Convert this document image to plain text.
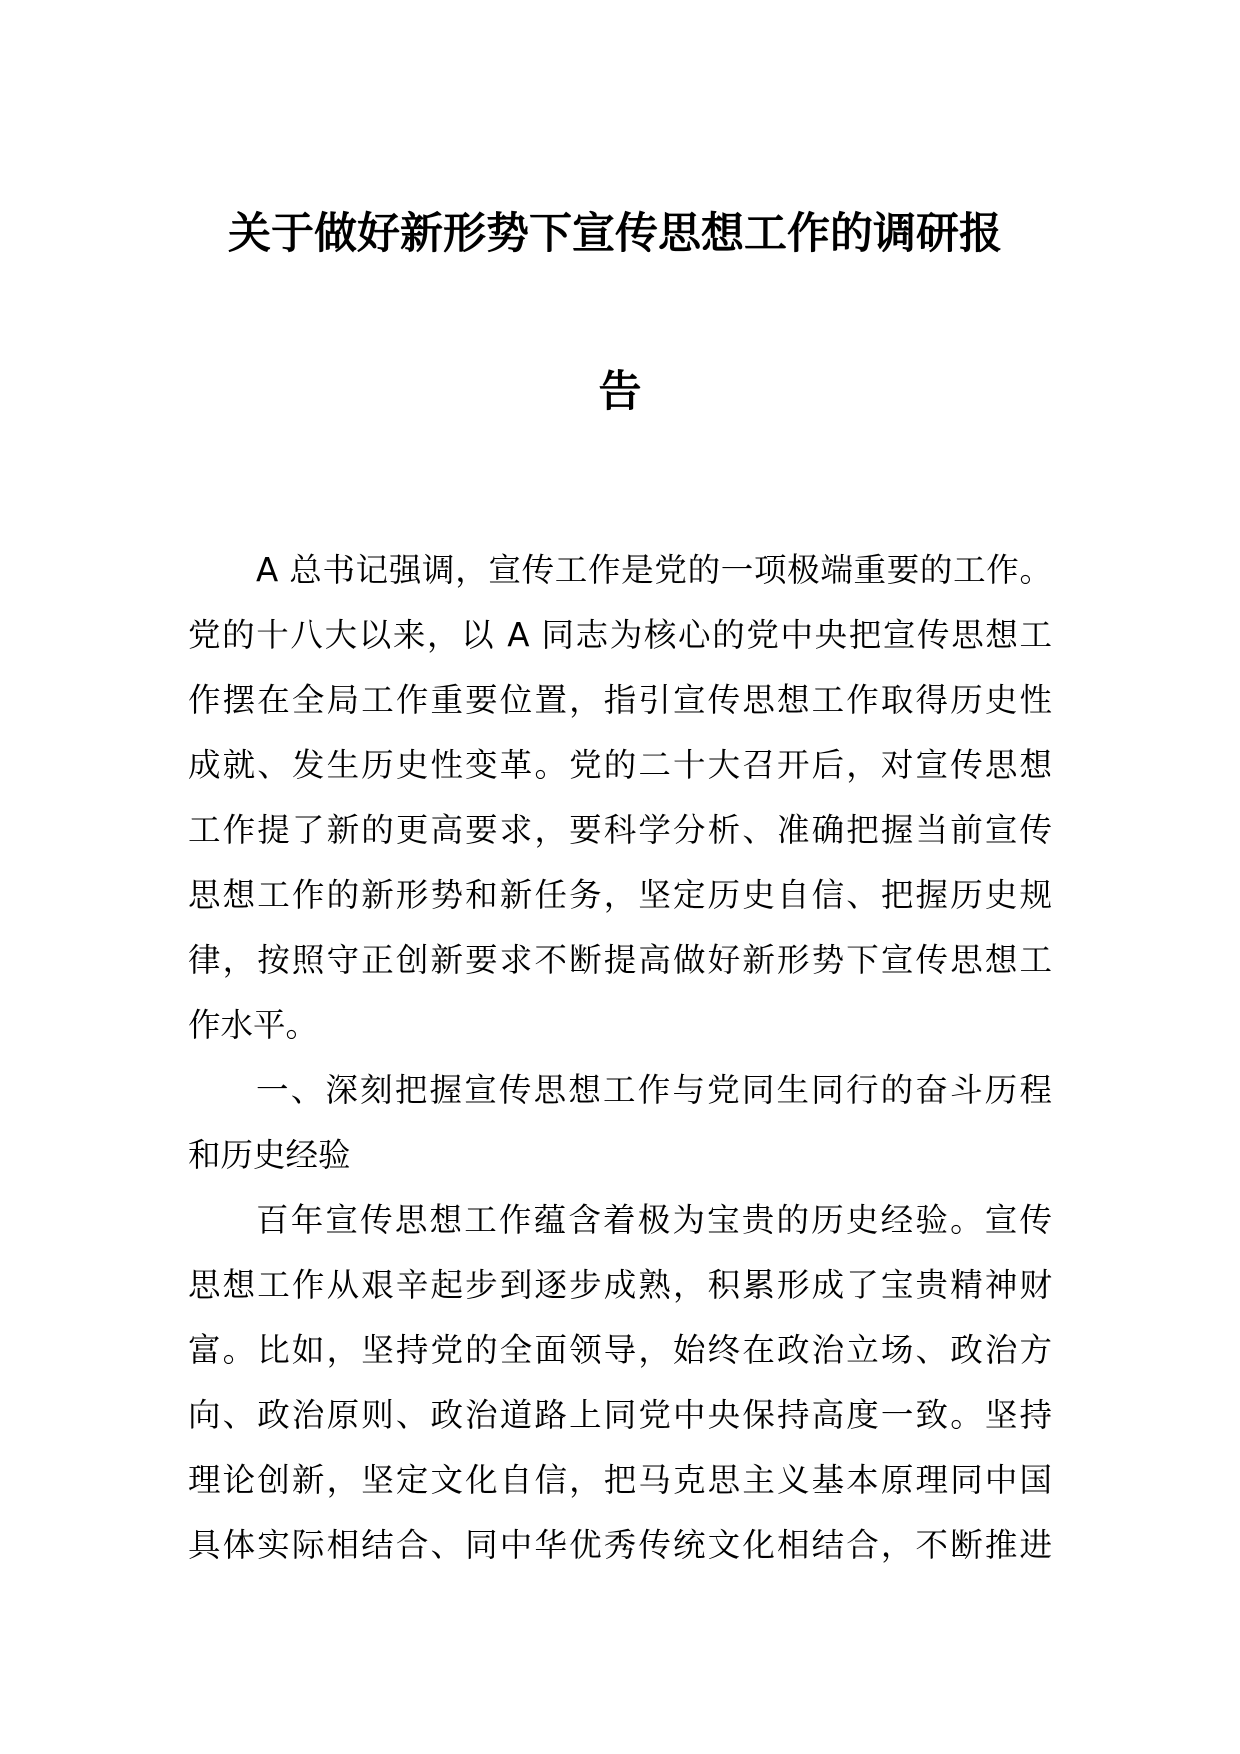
关于做好新形势下宣传思想工作的调研报
告
A 总书记强调，宣传工作是党的一项极端重要的工作。
党的十八大以来，以 A 同志为核心的党中央把宣传思想工
作摆在全局工作重要位置，指引宣传思想工作取得历史性
成就、发生历史性变革。党的二十大召开后，对宣传思想
工作提了新的更高要求，要科学分析、准确把握当前宣传
思想工作的新形势和新任务，坚定历史自信、把握历史规
律，按照守正创新要求不断提高做好新形势下宣传思想工
作水平。
一、深刻把握宣传思想工作与党同生同行的奋斗历程
和历史经验
百年宣传思想工作蕴含着极为宝贵的历史经验。宣传
思想工作从艰辛起步到逐步成熟，积累形成了宝贵精神财
富。比如，坚持党的全面领导，始终在政治立场、政治方
向、政治原则、政治道路上同党中央保持高度一致。坚持
理论创新，坚定文化自信，把马克思主义基本原理同中国
具体实际相结合、同中华优秀传统文化相结合，不断推进
